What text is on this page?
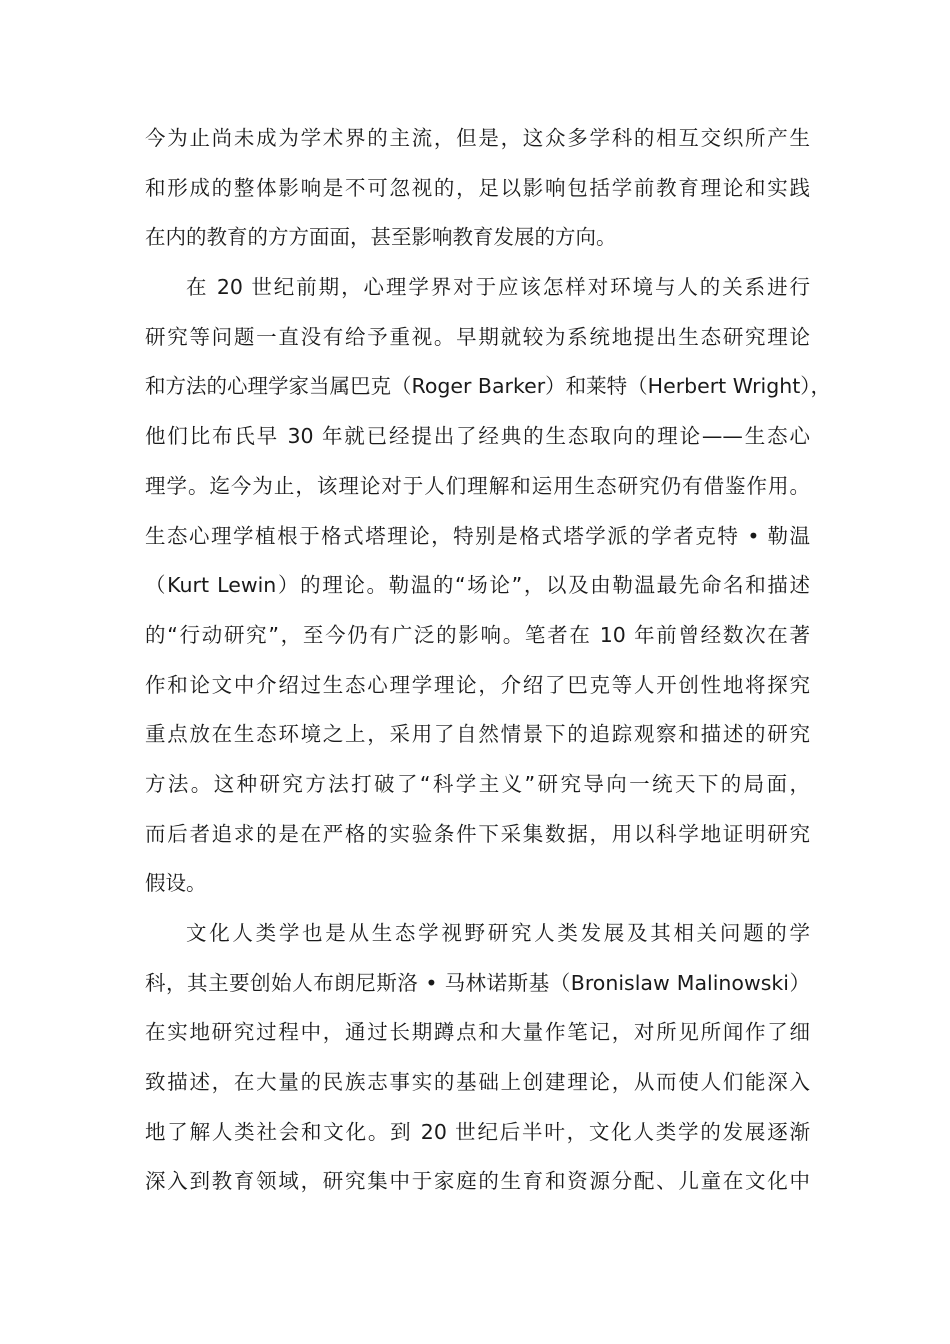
今为止尚未成为学术界的主流，但是，这众多学科的相互交织所产生
和形成的整体影响是不可忽视的，足以影响包括学前教育理论和实践
在内的教育的方方面面，甚至影响教育发展的方向。
在 20 世纪前期，心理学界对于应该怎样对环境与人的关系进行
研究等问题一直没有给予重视。早期就较为系统地提出生态研究理论
和方法的心理学家当属巴克（Roger Barker）和莱特（Herbert Wright），
他们比布氏早 30 年就已经提出了经典的生态取向的理论——生态心
理学。迄今为止，该理论对于人们理解和运用生态研究仍有借鉴作用。
生态心理学植根于格式塔理论，特别是格式塔学派的学者克特 • 勒温
（Kurt Lewin）的理论。勒温的“场论”，以及由勒温最先命名和描述
的“行动研究”，至今仍有广泛的影响。笔者在 10 年前曾经数次在著
作和论文中介绍过生态心理学理论，介绍了巴克等人开创性地将探究
重点放在生态环境之上，采用了自然情景下的追踪观察和描述的研究
方法。这种研究方法打破了“科学主义”研究导向一统天下的局面，
而后者追求的是在严格的实验条件下采集数据，用以科学地证明研究
假设。
文化人类学也是从生态学视野研究人类发展及其相关问题的学
科，其主要创始人布朗尼斯洛 • 马林诺斯基（Bronislaw Malinowski）
在实地研究过程中，通过长期蹲点和大量作笔记，对所见所闻作了细
致描述，在大量的民族志事实的基础上创建理论，从而使人们能深入
地了解人类社会和文化。到 20 世纪后半叶，文化人类学的发展逐渐
深入到教育领域，研究集中于家庭的生育和资源分配、儿童在文化中
